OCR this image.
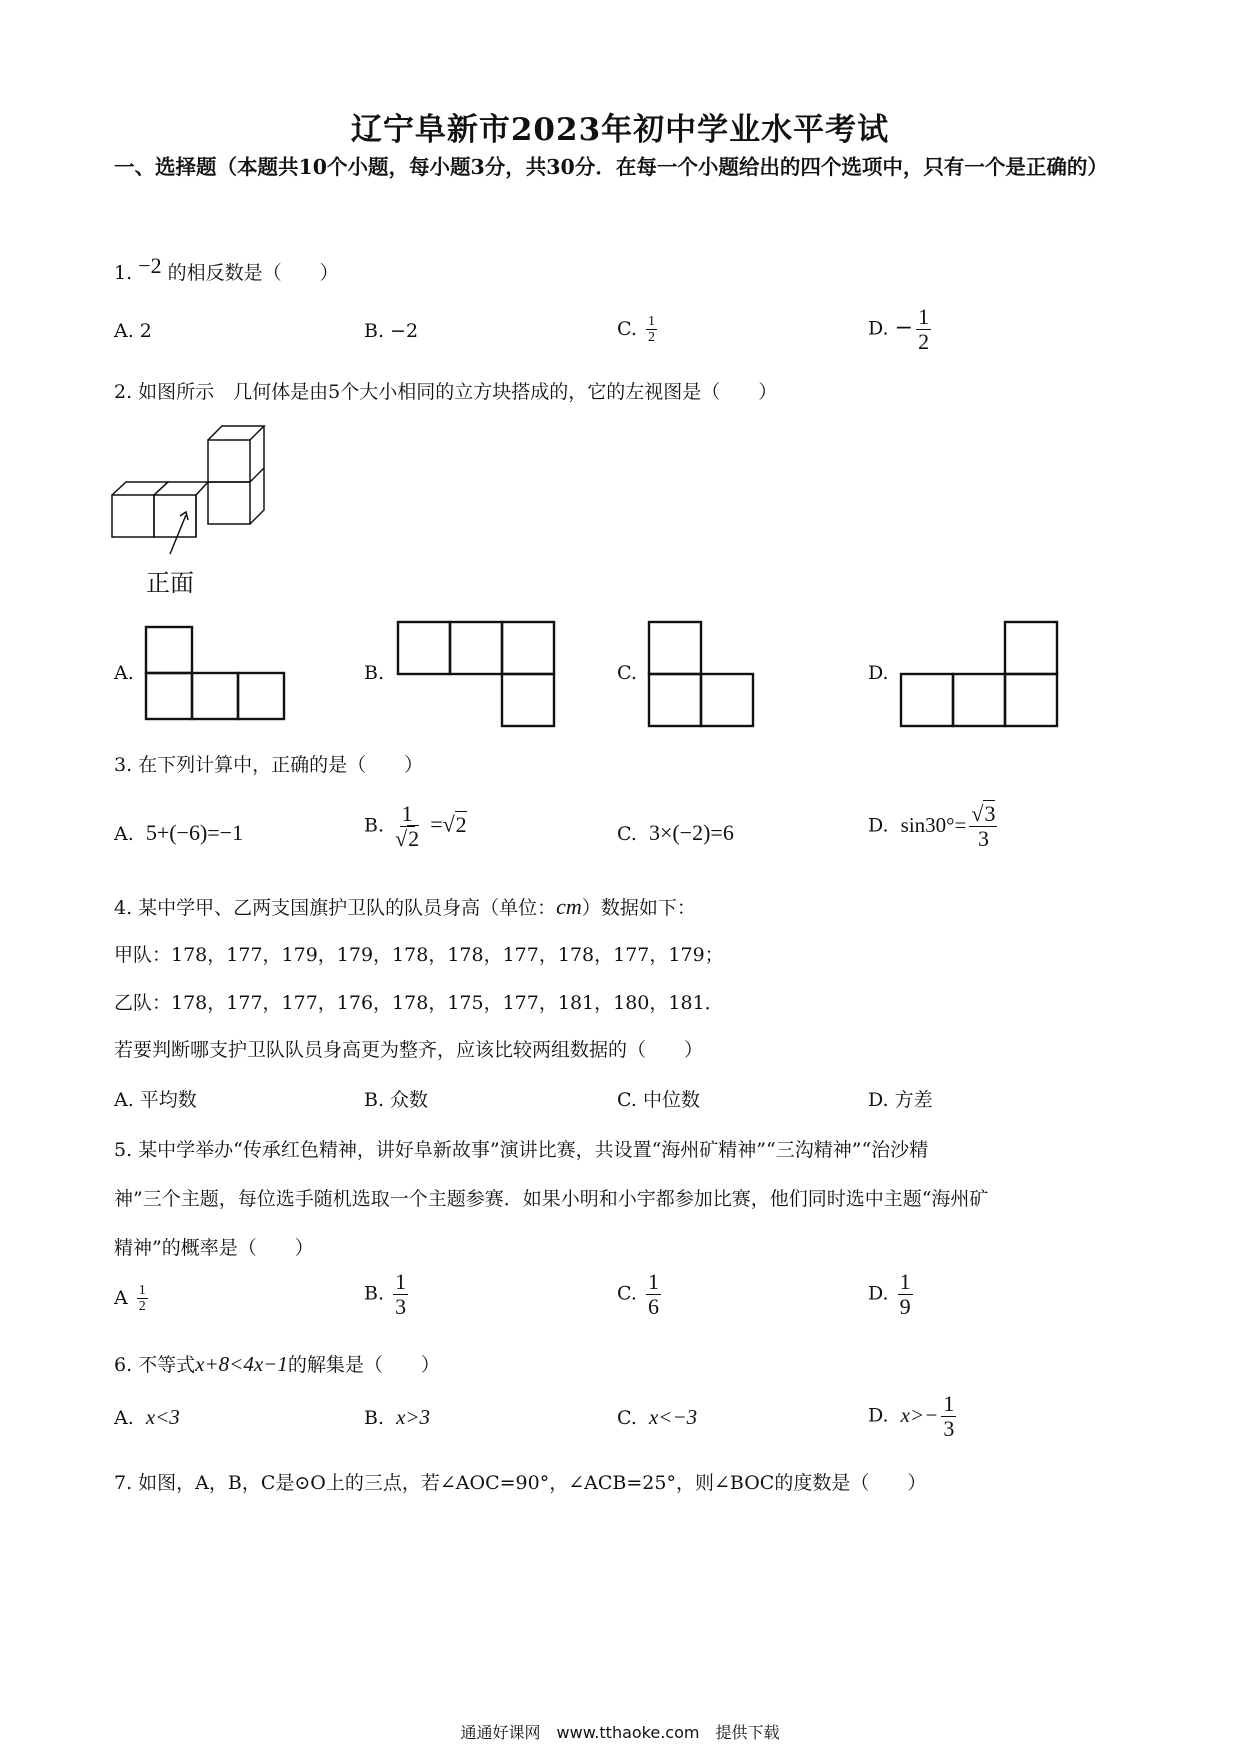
辽宁阜新市2023年初中学业水平考试
一、选择题（本题共10个小题，每小题3分，共30分．在每一个小题给出的四个选项中，只有一个是正确的）
1. −2 的相反数是（　　）
A. 2	B. −2	C. $\frac{1}{2}$	D. − $\frac{1}{2}$
2. 如图所示　几何体是由5个大小相同的立方块搭成的，它的左视图是（　　）
正面
A.	B.	C.	D.
3. 在下列计算中，正确的是（　　）
A. 5+(−6)=−1	B. $\frac{1}{√2} =√2$	C. 3×(−2)=6	D. $\sin 30^\circ= \frac{√3}{3}$
4. 某中学甲、乙两支国旗护卫队的队员身高（单位：cm）数据如下：
甲队：178，177，179，179，178，178，177，178，177，179；
乙队：178，177，177，176，178，175，177，181，180，181．
若要判断哪支护卫队队员身高更为整齐，应该比较两组数据的（　　）
A. 平均数	B. 众数	C. 中位数	D. 方差
5. 某中学举办“传承红色精神，讲好阜新故事”演讲比赛，共设置“海州矿精神”“三沟精神”“治沙精
神”三个主题，每位选手随机选取一个主题参赛．如果小明和小宇都参加比赛，他们同时选中主题“海州矿
精神”的概率是（　　）
A $\frac{1}{2}$	B. $\frac{1}{3}$	C. $\frac{1}{6}$	D. $\frac{1}{9}$
6. 不等式x+8<4x−1的解集是（　　）
A. x<3	B. x>3	C. x<−3	D. $x>- \frac{1}{3}$
7. 如图，A，B，C是⊙O上的三点，若∠AOC=90°，∠ACB=25°，则∠BOC的度数是（　　）
通通好课网　www.tthaoke.com　提供下载
